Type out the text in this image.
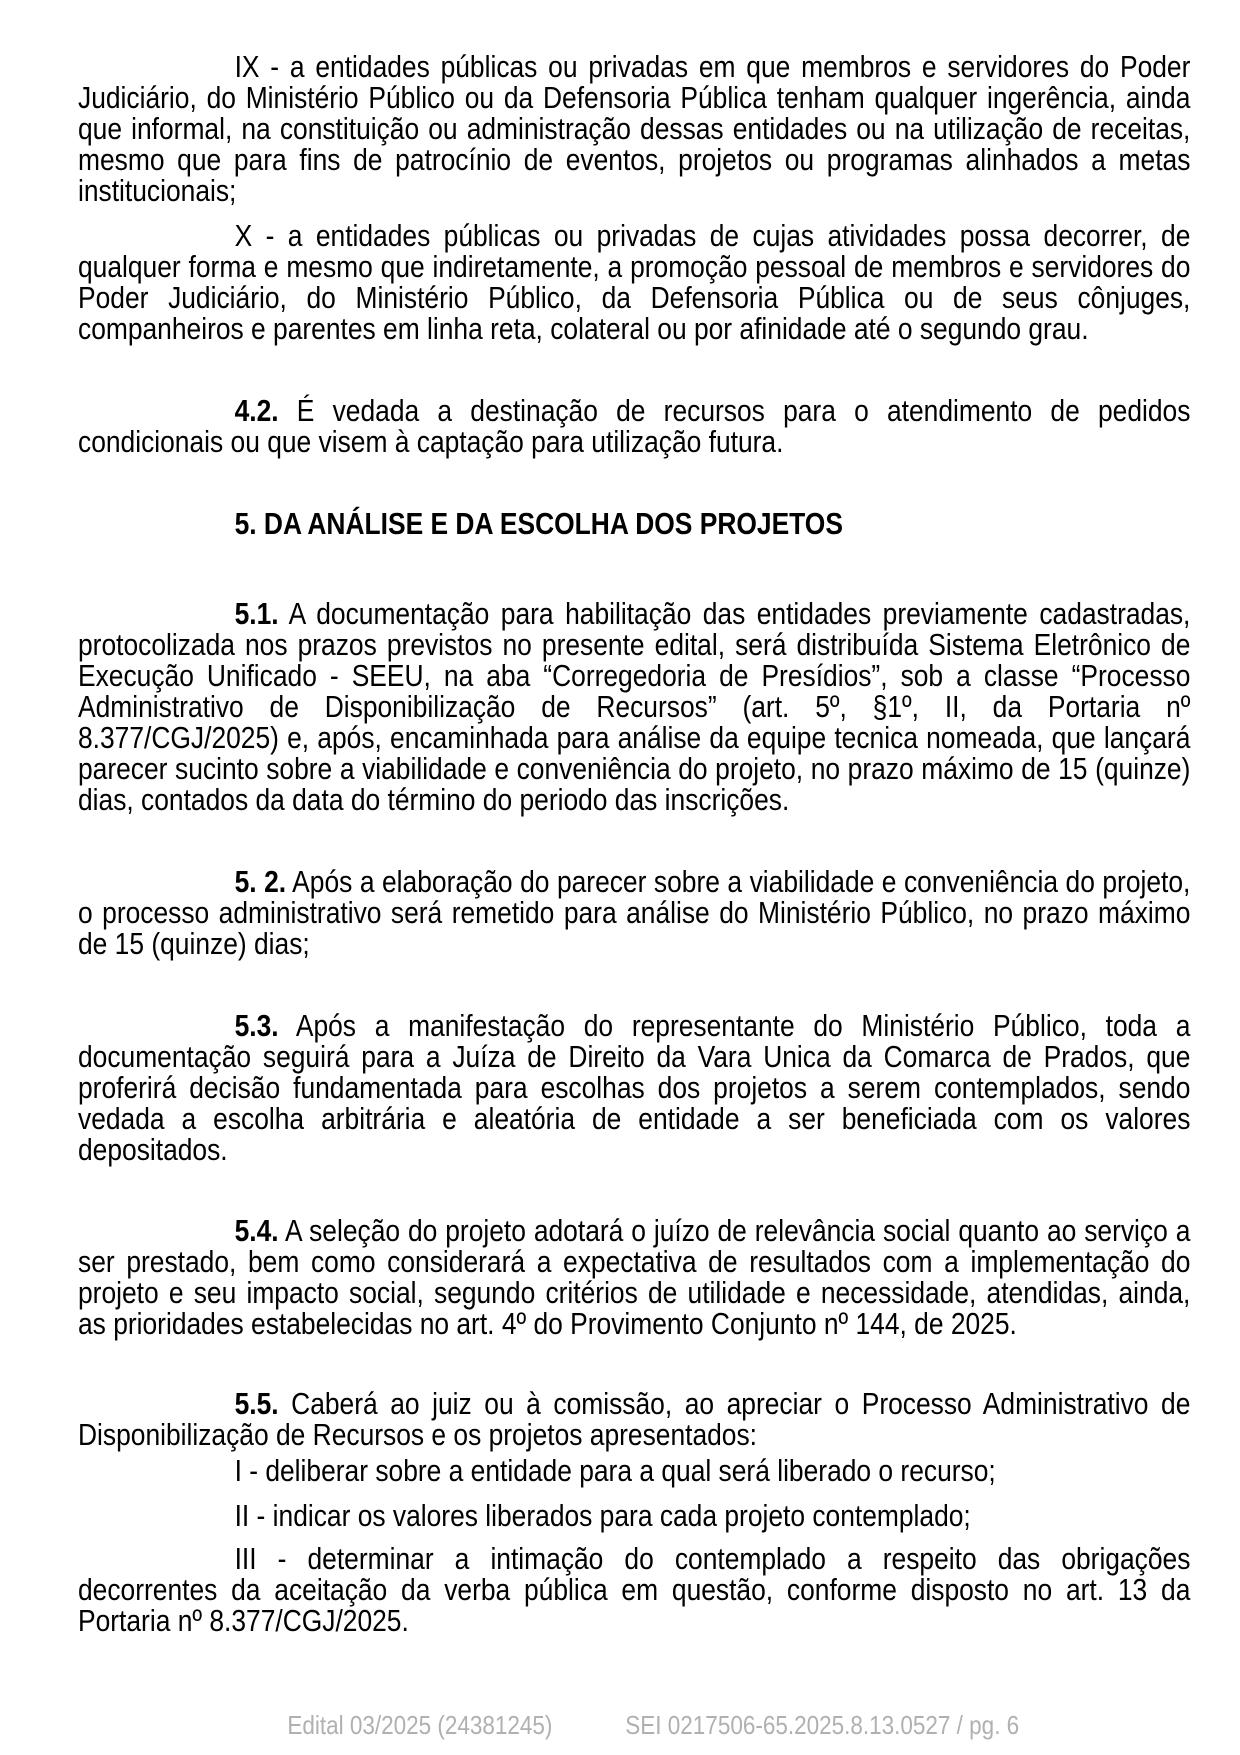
IX - a entidades públicas ou privadas em que membros e servidores do Poder Judiciário, do Ministério Público ou da Defensoria Pública tenham qualquer ingerência, ainda que informal, na constituição ou administração dessas entidades ou na utilização de receitas, mesmo que para fins de patrocínio de eventos, projetos ou programas alinhados a metas institucionais;

X - a entidades públicas ou privadas de cujas atividades possa decorrer, de qualquer forma e mesmo que indiretamente, a promoção pessoal de membros e servidores do Poder Judiciário, do Ministério Público, da Defensoria Pública ou de seus cônjuges, companheiros e parentes em linha reta, colateral ou por afinidade até o segundo grau.

4.2. É vedada a destinação de recursos para o atendimento de pedidos condicionais ou que visem à captação para utilização futura.

5. DA ANÁLISE E DA ESCOLHA DOS PROJETOS

5.1. A documentação para habilitação das entidades previamente cadastradas, protocolizada nos prazos previstos no presente edital, será distribuída Sistema Eletrônico de Execução Unificado - SEEU, na aba “Corregedoria de Presídios”, sob a classe “Processo Administrativo de Disponibilização de Recursos” (art. 5º, §1º, II, da Portaria nº 8.377/CGJ/2025) e, após, encaminhada para análise da equipe tecnica nomeada, que lançará parecer sucinto sobre a viabilidade e conveniência do projeto, no prazo máximo de 15 (quinze) dias, contados da data do término do periodo das inscrições.

5. 2. Após a elaboração do parecer sobre a viabilidade e conveniência do projeto, o processo administrativo será remetido para análise do Ministério Público, no prazo máximo de 15 (quinze) dias;

5.3. Após a manifestação do representante do Ministério Público, toda a documentação seguirá para a Juíza de Direito da Vara Unica da Comarca de Prados, que proferirá decisão fundamentada para escolhas dos projetos a serem contemplados, sendo vedada a escolha arbitrária e aleatória de entidade a ser beneficiada com os valores depositados.

5.4. A seleção do projeto adotará o juízo de relevância social quanto ao serviço a ser prestado, bem como considerará a expectativa de resultados com a implementação do projeto e seu impacto social, segundo critérios de utilidade e necessidade, atendidas, ainda, as prioridades estabelecidas no art. 4º do Provimento Conjunto nº 144, de 2025.

5.5. Caberá ao juiz ou à comissão, ao apreciar o Processo Administrativo de Disponibilização de Recursos e os projetos apresentados:

I - deliberar sobre a entidade para a qual será liberado o recurso;

II - indicar os valores liberados para cada projeto contemplado;

III - determinar a intimação do contemplado a respeito das obrigações decorrentes da aceitação da verba pública em questão, conforme disposto no art. 13 da Portaria nº 8.377/CGJ/2025.

Edital 03/2025 (24381245)	SEI 0217506-65.2025.8.13.0527 / pg. 6
